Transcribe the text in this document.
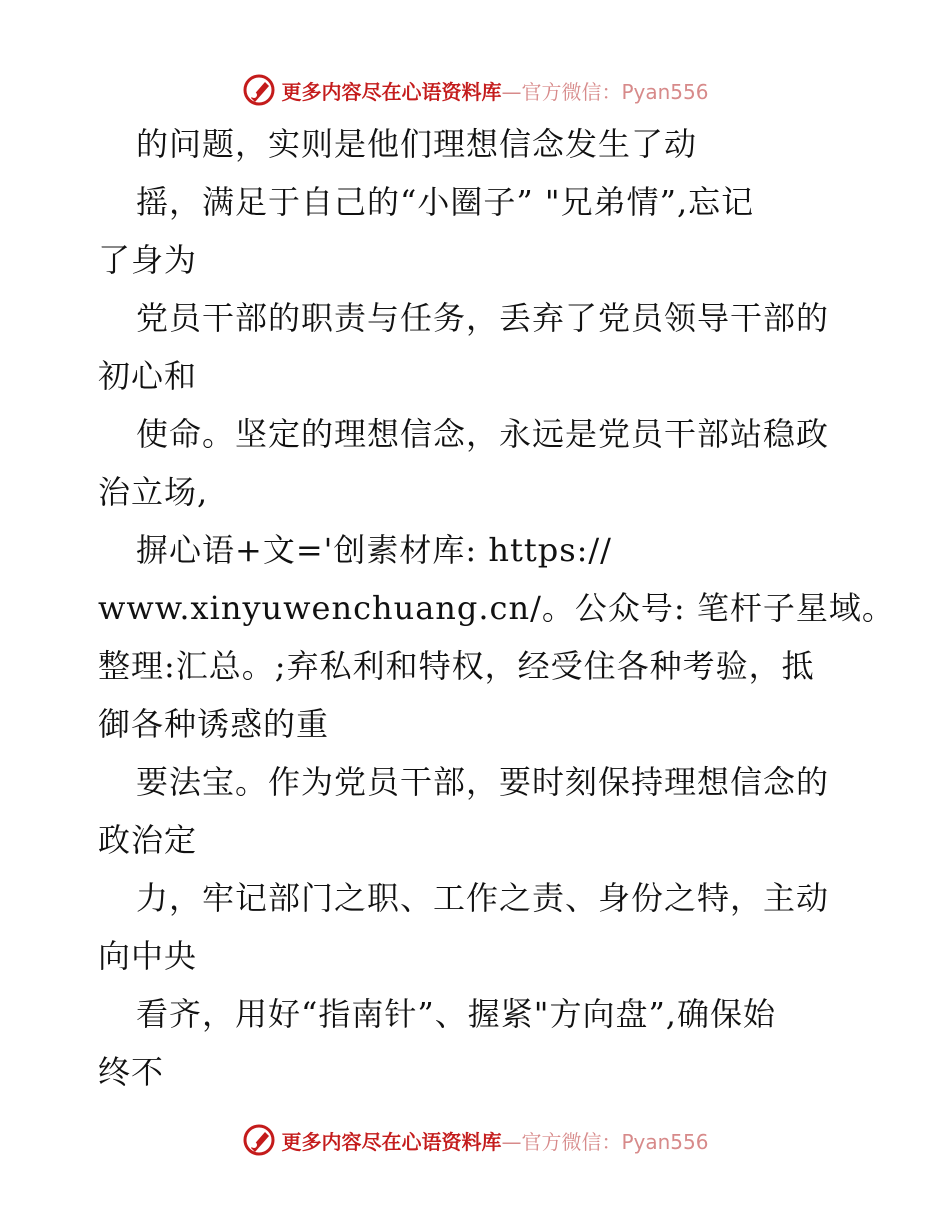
更多内容尽在心语资料库—官方微信：Pyan556
的问题，实则是他们理想信念发生了动
摇，满足于自己的“小圈子” "兄弟情”,忘记
了身为
党员干部的职责与任务，丢弃了党员领导干部的
初心和
使命。坚定的理想信念，永远是党员干部站稳政
治立场,
摒心语+文='创素材库: https://
www.xinyuwenchuang.cn/。公众号: 笔杆子星域。
整理:汇总。;弃私利和特权，经受住各种考验，抵
御各种诱惑的重
要法宝。作为党员干部，要时刻保持理想信念的
政治定
力，牢记部门之职、工作之责、身份之特，主动
向中央
看齐，用好“指南针”、握紧"方向盘”,确保始
终不
更多内容尽在心语资料库—官方微信：Pyan556
